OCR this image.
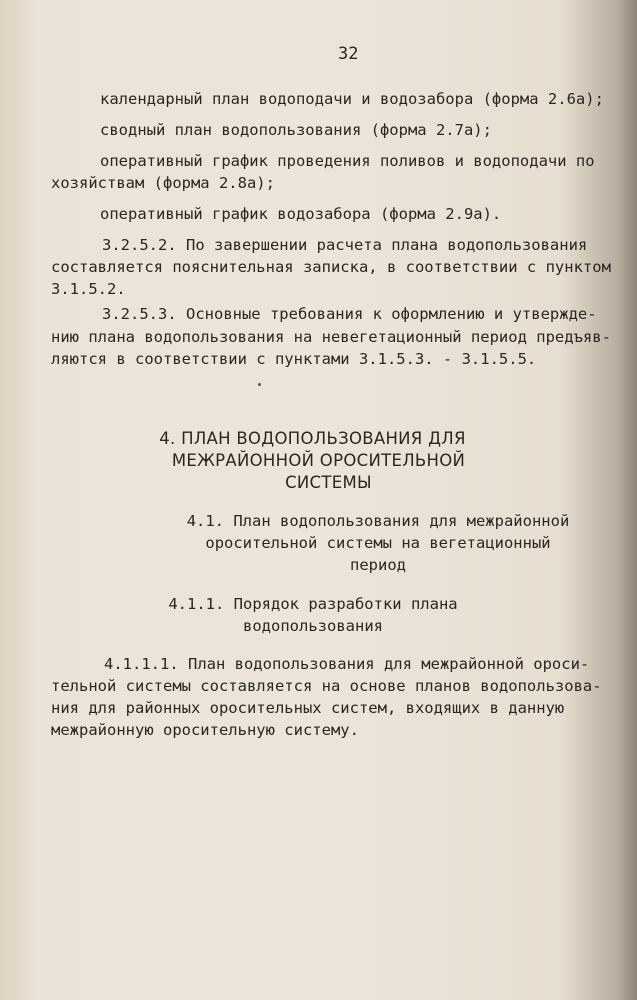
32
календарный план водоподачи и водозабора (форма 2.6а);
сводный план водопользования (форма 2.7а);
оперативный график проведения поливов и водоподачи по
хозяйствам (форма 2.8а);
оперативный график водозабора (форма 2.9а).
3.2.5.2. По завершении расчета плана водопользования
составляется пояснительная записка, в соответствии с пунктом
3.1.5.2.
3.2.5.3. Основные требования к оформлению и утвержде-
нию плана водопользования на невегетационный период предъяв-
ляются в соответствии с пунктами 3.1.5.3. - 3.1.5.5.
4. ПЛАН ВОДОПОЛЬЗОВАНИЯ ДЛЯ
МЕЖРАЙОННОЙ ОРОСИТЕЛЬНОЙ
СИСТЕМЫ
4.1. План водопользования для межрайонной
оросительной системы на вегетационный
период
4.1.1. Порядок разработки плана
водопользования
4.1.1.1. План водопользования для межрайонной ороси-
тельной системы составляется на основе планов водопользова-
ния для районных оросительных систем, входящих в данную
межрайонную оросительную систему.
